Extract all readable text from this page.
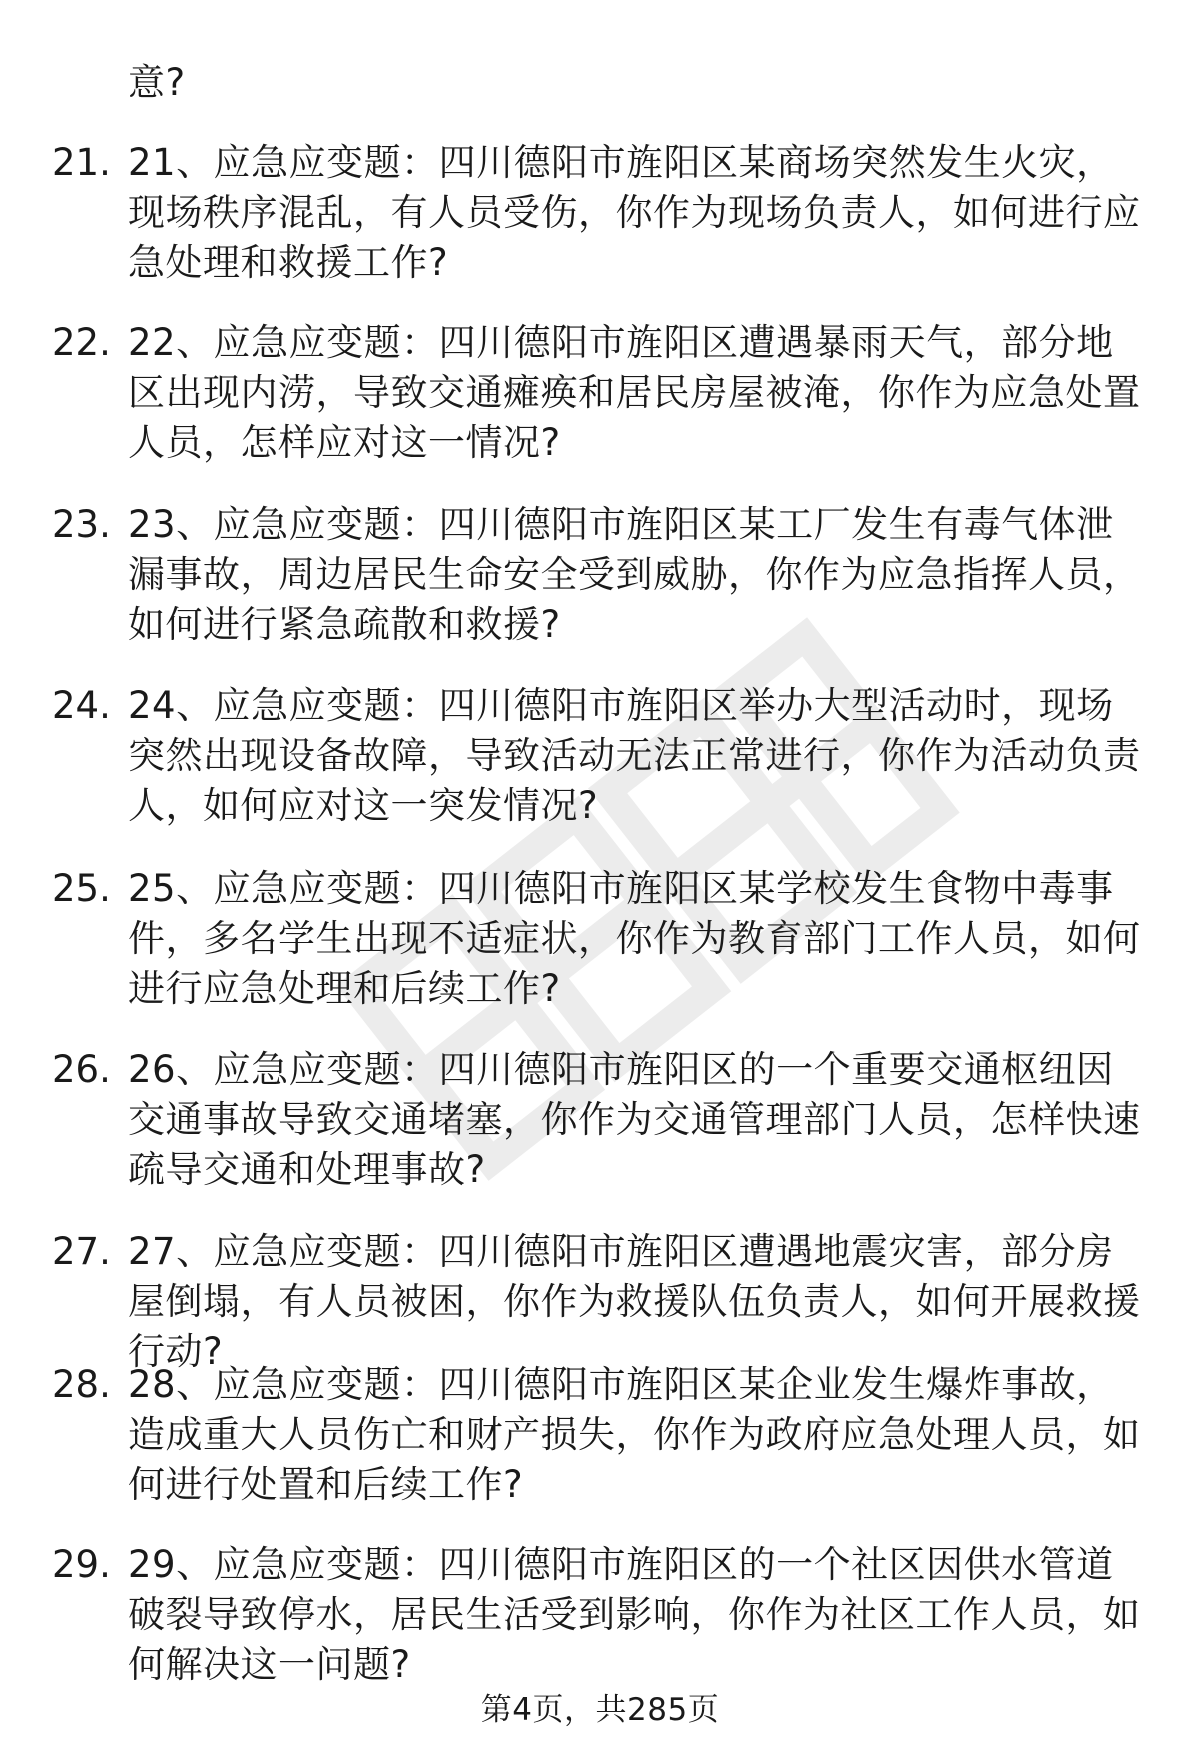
意?
21. 21、应急应变题：四川德阳市旌阳区某商场突然发生火灾，现场秩序混乱，有人员受伤，你作为现场负责人，如何进行应急处理和救援工作?
22. 22、应急应变题：四川德阳市旌阳区遭遇暴雨天气，部分地区出现内涝，导致交通瘫痪和居民房屋被淹，你作为应急处置人员，怎样应对这一情况?
23. 23、应急应变题：四川德阳市旌阳区某工厂发生有毒气体泄漏事故，周边居民生命安全受到威胁，你作为应急指挥人员，如何进行紧急疏散和救援?
24. 24、应急应变题：四川德阳市旌阳区举办大型活动时，现场突然出现设备故障，导致活动无法正常进行，你作为活动负责人，如何应对这一突发情况?
25. 25、应急应变题：四川德阳市旌阳区某学校发生食物中毒事件，多名学生出现不适症状，你作为教育部门工作人员，如何进行应急处理和后续工作?
26. 26、应急应变题：四川德阳市旌阳区的一个重要交通枢纽因交通事故导致交通堵塞，你作为交通管理部门人员，怎样快速疏导交通和处理事故?
27. 27、应急应变题：四川德阳市旌阳区遭遇地震灾害，部分房屋倒塌，有人员被困，你作为救援队伍负责人，如何开展救援行动?
28. 28、应急应变题：四川德阳市旌阳区某企业发生爆炸事故，造成重大人员伤亡和财产损失，你作为政府应急处理人员，如何进行处置和后续工作?
29. 29、应急应变题：四川德阳市旌阳区的一个社区因供水管道破裂导致停水，居民生活受到影响，你作为社区工作人员，如何解决这一问题?
第4页，共285页
